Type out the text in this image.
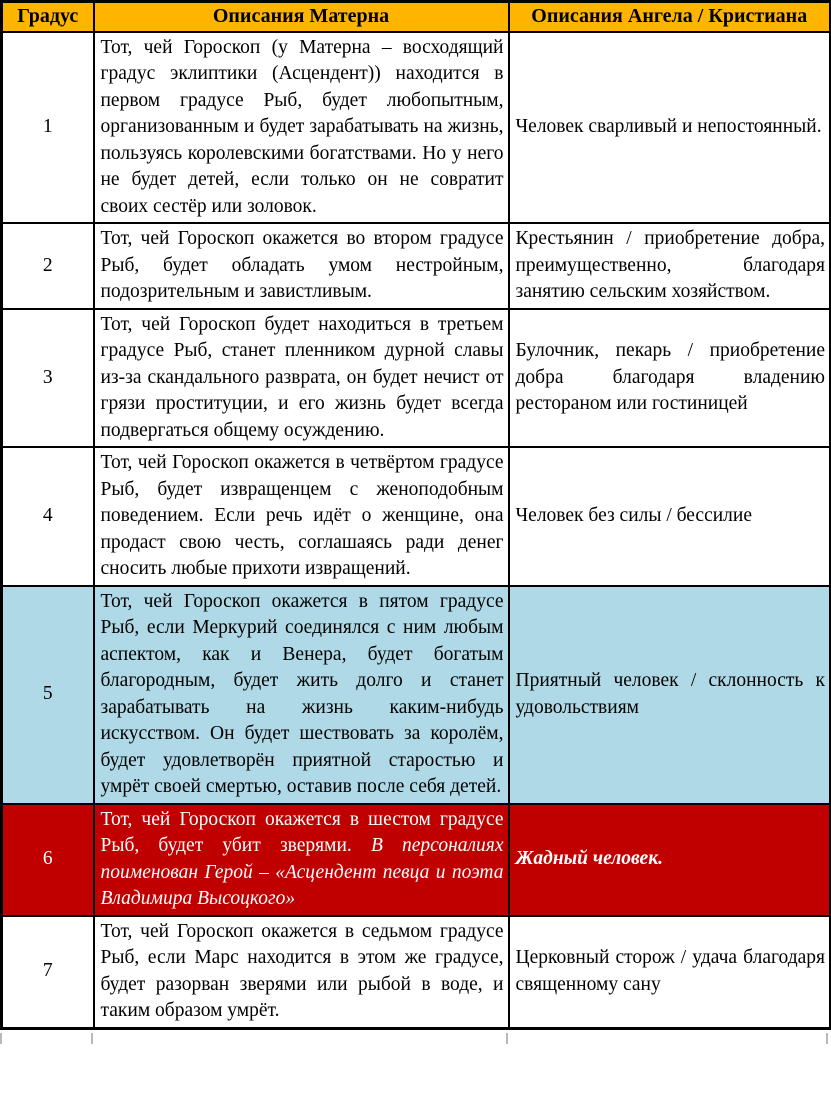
Градус	Описания Матерна	Описания Ангела / Кристиана
1	Тот, чей Гороскоп (у Матерна – восходящий градус эклиптики (Асцендент)) находится в первом градусе Рыб, будет любопытным, организованным и будет зарабатывать на жизнь, пользуясь королевскими богатствами. Но у него не будет детей, если только он не совратит своих сестёр или золовок.	Человек сварливый и непостоянный.
2	Тот, чей Гороскоп окажется во втором градусе Рыб, будет обладать умом нестройным, подозрительным и завистливым.	Крестьянин / приобретение добра, преимущественно, благодаря занятию сельским хозяйством.
3	Тот, чей Гороскоп будет находиться в третьем градусе Рыб, станет пленником дурной славы из-за скандального разврата, он будет нечист от грязи проституции, и его жизнь будет всегда подвергаться общему осуждению.	Булочник, пекарь / приобретение добра благодаря владению рестораном или гостиницей
4	Тот, чей Гороскоп окажется в четвёртом градусе Рыб, будет извращенцем с женоподобным поведением. Если речь идёт о женщине, она продаст свою честь, соглашаясь ради денег сносить любые прихоти извращений.	Человек без силы / бессилие
5	Тот, чей Гороскоп окажется в пятом градусе Рыб, если Меркурий соединялся с ним любым аспектом, как и Венера, будет богатым благородным, будет жить долго и станет зарабатывать на жизнь каким-нибудь искусством. Он будет шествовать за королём, будет удовлетворён приятной старостью и умрёт своей смертью, оставив после себя детей.	Приятный человек / склонность к удовольствиям
6	Тот, чей Гороскоп окажется в шестом градусе Рыб, будет убит зверями. В персоналиях поименован Герой – «Асцендент певца и поэта Владимира Высоцкого»	Жадный человек.
7	Тот, чей Гороскоп окажется в седьмом градусе Рыб, если Марс находится в этом же градусе, будет разорван зверями или рыбой в воде, и таким образом умрёт.	Церковный сторож / удача благодаря священному сану
